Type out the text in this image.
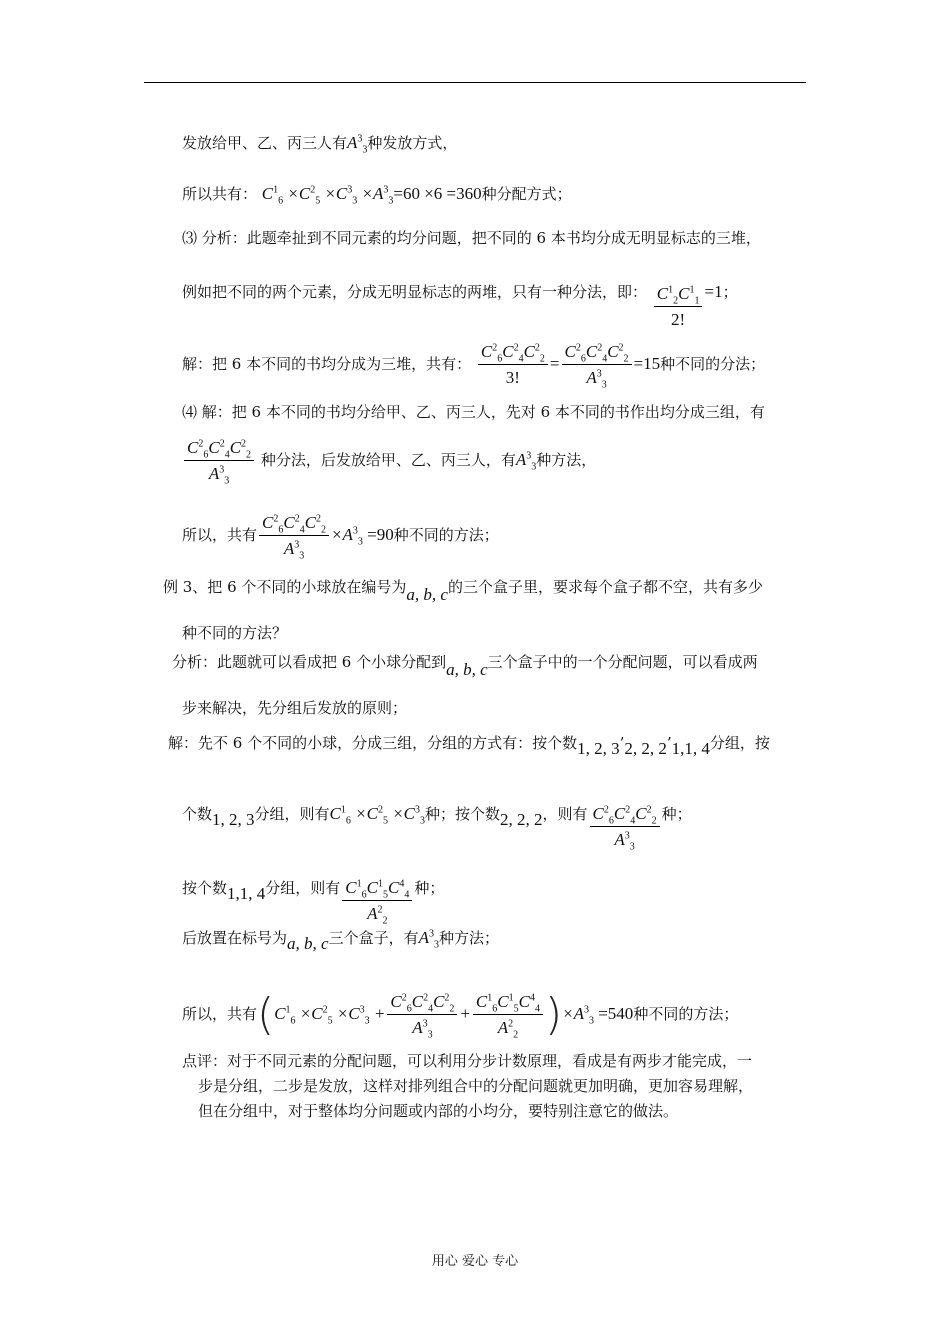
发放给甲、乙、丙三人有$A^3_3$种发放方式，
所以共有： $C^1_6 \times C^2_5 \times C^3_3 \times A^3_3=60 \times 6 =360$种分配方式；
⑶ 分析：此题牵扯到不同元素的均分问题，把不同的 6 本书均分成无明显标志的三堆，
例如把不同的两个元素，分成无明显标志的两堆，只有一种分法，即： $\frac{C^1_2C^1_1}{2!} =1$；
解：把 6 本不同的书均分成为三堆，共有： $\frac{C^2_6C^2_4C^2_2}{3!} = \frac{C^2_6C^2_4C^2_2}{A^3_3} =15$种不同的分法；
⑷ 解：把 6 本不同的书均分给甲、乙、丙三人，先对 6 本不同的书作出均分成三组，有
$\frac{C^2_6C^2_4C^2_2}{A^3_3}$ 种分法，后发放给甲、乙、丙三人，有$A^3_3$种方法，
所以，共有 $\frac{C^2_6C^2_4C^2_2}{A^3_3} \times A^3_3 =90$种不同的方法；
例 3、把 6 个不同的小球放在编号为a, b, c的三个盒子里，要求每个盒子都不空，共有多少
种不同的方法？
分析：此题就可以看成把 6 个小球分配到a, b, c三个盒子中的一个分配问题，可以看成两
步来解决，先分组后发放的原则；
解：先不 6 个不同的小球，分成三组，分组的方式有：按个数1, 2, 3’2, 2, 2’1,1, 4分组，按
个数1, 2, 3分组，则有$C^1_6 \times C^2_5 \times C^3_3$种；按个数2, 2, 2，则有 $\frac{C^2_6C^2_4C^2_2}{A^3_3}$ 种；
按个数1,1, 4分组，则有 $\frac{C^1_6C^1_5C^4_4}{A^2_2}$ 种；
后放置在标号为a, b, c三个盒子，有$A^3_3$种方法；
所以，共有$(C^1_6 \times C^2_5 \times C^3_3 + \frac{C^2_6C^2_4C^2_2}{A^3_3} + \frac{C^1_6C^1_5C^4_4}{A^2_2} )\times A^3_3 =540$种不同的方法；
点评：对于不同元素的分配问题，可以利用分步计数原理，看成是有两步才能完成，一
步是分组，二步是发放，这样对排列组合中的分配问题就更加明确，更加容易理解，
但在分组中，对于整体均分问题或内部的小均分，要特别注意它的做法。
用心 爱心 专心
